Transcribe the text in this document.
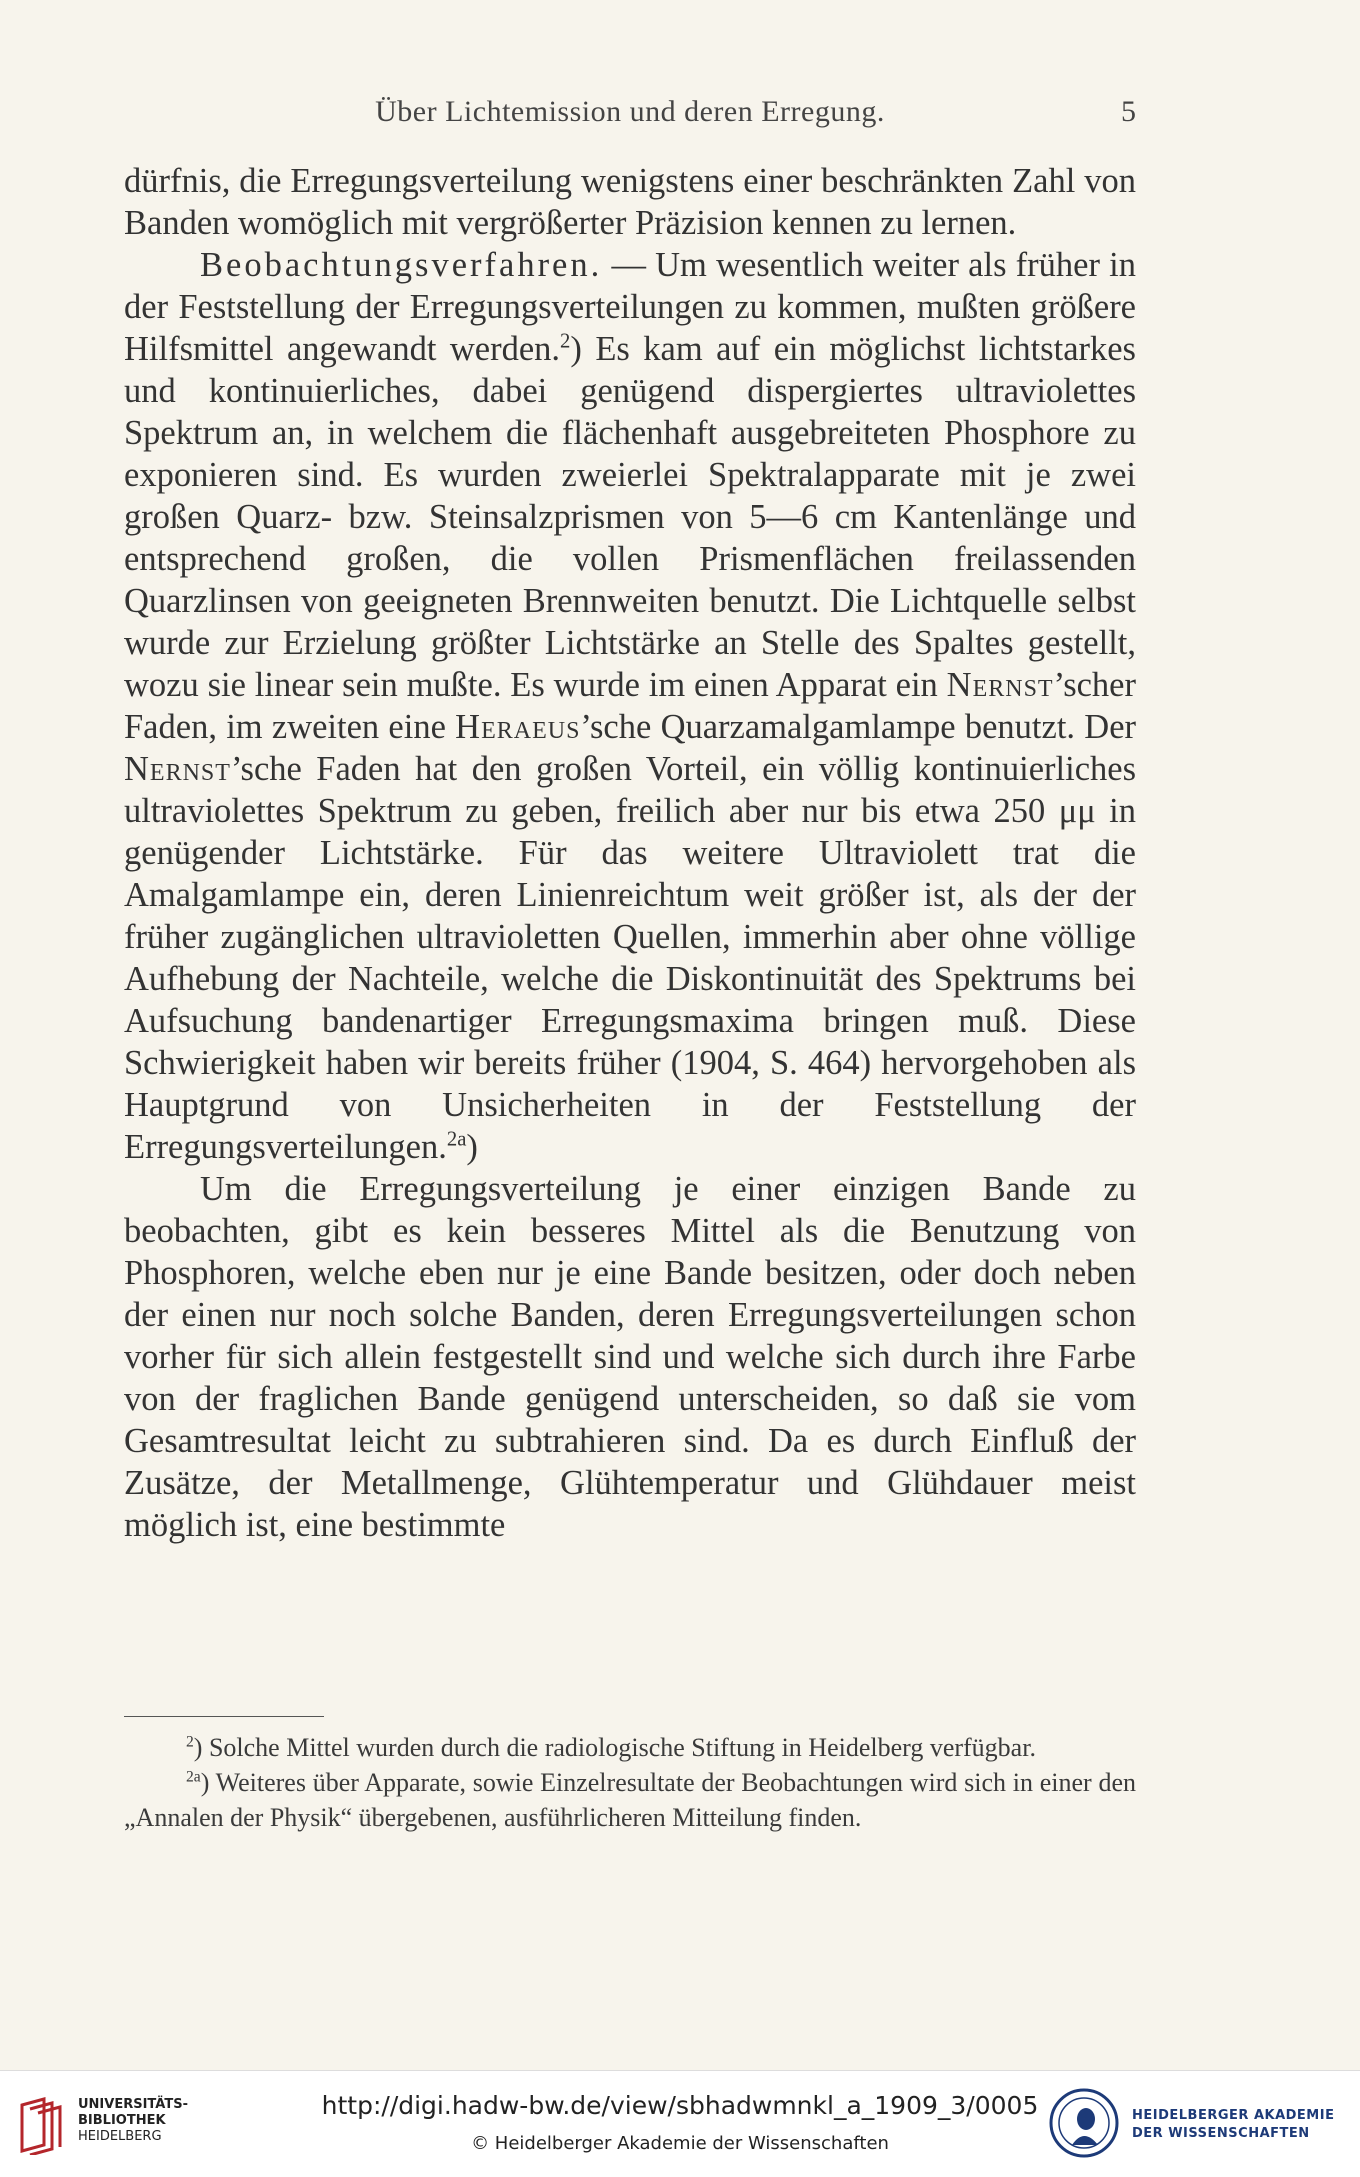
Über Lichtemission und deren Erregung.	5

dürfnis, die Erregungsverteilung wenigstens einer beschränkten Zahl von Banden womöglich mit vergrößerter Präzision kennen zu lernen.

Beobachtungsverfahren. — Um wesentlich weiter als früher in der Feststellung der Erregungsverteilungen zu kommen, mußten größere Hilfsmittel angewandt werden.$^2$) Es kam auf ein möglichst lichtstarkes und kontinuierliches, dabei genügend dispergiertes ultraviolettes Spektrum an, in welchem die flächenhaft ausgebreiteten Phosphore zu exponieren sind. Es wurden zweierlei Spektralapparate mit je zwei großen Quarz- bzw. Steinsalzprismen von 5—6 cm Kantenlänge und entsprechend großen, die vollen Prismenflächen freilassenden Quarzlinsen von geeigneten Brennweiten benutzt. Die Lichtquelle selbst wurde zur Erzielung größter Lichtstärke an Stelle des Spaltes gestellt, wozu sie linear sein mußte. Es wurde im einen Apparat ein Nernst’scher Faden, im zweiten eine Heraeus’sche Quarzamalgamlampe benutzt. Der Nernst’sche Faden hat den großen Vorteil, ein völlig kontinuierliches ultraviolettes Spektrum zu geben, freilich aber nur bis etwa 250 μμ in genügender Lichtstärke. Für das weitere Ultraviolett trat die Amalgamlampe ein, deren Linienreichtum weit größer ist, als der der früher zugänglichen ultravioletten Quellen, immerhin aber ohne völlige Aufhebung der Nachteile, welche die Diskontinuität des Spektrums bei Aufsuchung bandenartiger Erregungsmaxima bringen muß. Diese Schwierigkeit haben wir bereits früher (1904, S. 464) hervorgehoben als Hauptgrund von Unsicherheiten in der Feststellung der Erregungsverteilungen.$^{2a}$)

Um die Erregungsverteilung je einer einzigen Bande zu beobachten, gibt es kein besseres Mittel als die Benutzung von Phosphoren, welche eben nur je eine Bande besitzen, oder doch neben der einen nur noch solche Banden, deren Erregungsverteilungen schon vorher für sich allein festgestellt sind und welche sich durch ihre Farbe von der fraglichen Bande genügend unterscheiden, so daß sie vom Gesamtresultat leicht zu subtrahieren sind. Da es durch Einfluß der Zusätze, der Metallmenge, Glühtemperatur und Glühdauer meist möglich ist, eine bestimmte

$^2$) Solche Mittel wurden durch die radiologische Stiftung in Heidelberg verfügbar.

$^{2a}$) Weiteres über Apparate, sowie Einzelresultate der Beobachtungen wird sich in einer den „Annalen der Physik“ übergebenen, ausführlicheren Mitteilung finden.

UNIVERSITÄTS-
BIBLIOTHEK
HEIDELBERG
http://digi.hadw-bw.de/view/sbhadwmnkl_a_1909_3/0005
© Heidelberger Akademie der Wissenschaften
HEIDELBERGER AKADEMIE
DER WISSENSCHAFTEN
